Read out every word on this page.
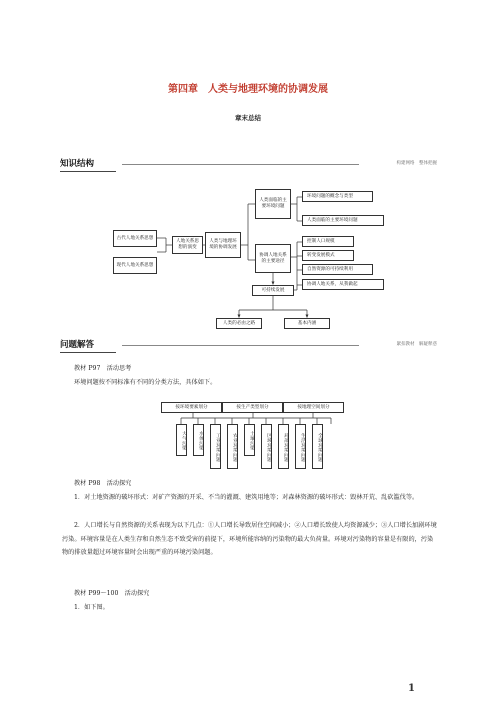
第四章　人类与地理环境的协调发展
章末总结
知识结构	构建网络　整体把握
古代人地关系思想
现代人地关系思想
人地关系思想的演变
人类与地理环境的协调发展
人类面临的主要环境问题
协调人地关系的主要途径
可持续发展
环境问题的概念与类型
人类面临的主要环境问题
控制人口规模
转变发展模式
自然资源的可持续利用
协调人地关系，从我做起
人类的必由之路	基本内涵
问题解答	紧扣教材　解疑释惑
教材 P97　活动思考
环境问题按不同标准有不同的分类方法，具体如下。
按环境要素划分	按生产类型划分	按地理空间划分
大气污染	水体污染	工业环境问题	农业环境问题	土壤污染	区域环境问题	局部环境问题	生活环境问题	全球环境问题
教材 P98　活动探究
1．对土地资源的破坏形式：对矿产资源的开采、不当的灌溉、建筑用地等；对森林资源的破坏形式：毁林开荒、乱砍滥伐等。
2．人口增长与自然资源的关系表现为以下几点：①人口增长导致居住空间减小；②人口增长致使人均资源减少；③人口增长加剧环境污染。环境容量是在人类生存和自然生态不致受害的前提下，环境所能容纳的污染物的最大负荷量。环境对污染物的容量是有限的，污染物的排放量超过环境容量时会出现严重的环境污染问题。
教材 P99～100　活动探究
1．如下图。
1
